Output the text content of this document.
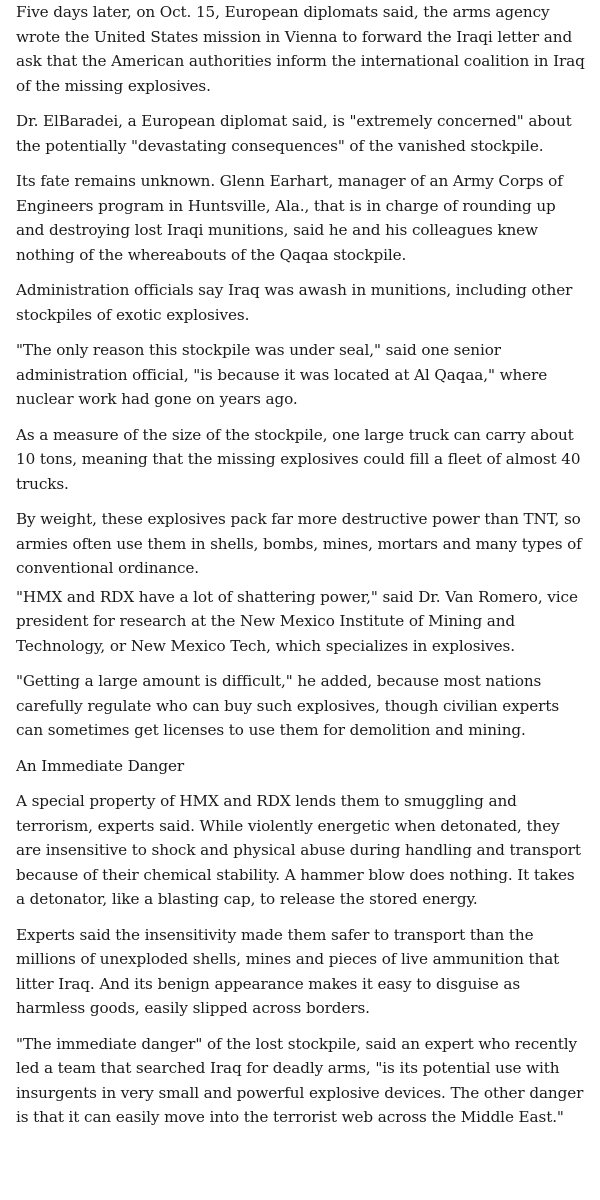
Five days later, on Oct. 15, European diplomats said, the arms agency wrote the United States mission in Vienna to forward the Iraqi letter and ask that the American authorities inform the international coalition in Iraq of the missing explosives.

Dr. ElBaradei, a European diplomat said, is "extremely concerned" about the potentially "devastating consequences" of the vanished stockpile.

Its fate remains unknown. Glenn Earhart, manager of an Army Corps of Engineers program in Huntsville, Ala., that is in charge of rounding up and destroying lost Iraqi munitions, said he and his colleagues knew nothing of the whereabouts of the Qaqaa stockpile.

Administration officials say Iraq was awash in munitions, including other stockpiles of exotic explosives.

"The only reason this stockpile was under seal," said one senior administration official, "is because it was located at Al Qaqaa," where nuclear work had gone on years ago.

As a measure of the size of the stockpile, one large truck can carry about 10 tons, meaning that the missing explosives could fill a fleet of almost 40 trucks.

By weight, these explosives pack far more destructive power than TNT, so armies often use them in shells, bombs, mines, mortars and many types of conventional ordinance.

"HMX and RDX have a lot of shattering power," said Dr. Van Romero, vice president for research at the New Mexico Institute of Mining and Technology, or New Mexico Tech, which specializes in explosives.

"Getting a large amount is difficult," he added, because most nations carefully regulate who can buy such explosives, though civilian experts can sometimes get licenses to use them for demolition and mining.

An Immediate Danger

A special property of HMX and RDX lends them to smuggling and terrorism, experts said. While violently energetic when detonated, they are insensitive to shock and physical abuse during handling and transport because of their chemical stability. A hammer blow does nothing. It takes a detonator, like a blasting cap, to release the stored energy.

Experts said the insensitivity made them safer to transport than the millions of unexploded shells, mines and pieces of live ammunition that litter Iraq. And its benign appearance makes it easy to disguise as harmless goods, easily slipped across borders.

"The immediate danger" of the lost stockpile, said an expert who recently led a team that searched Iraq for deadly arms, "is its potential use with insurgents in very small and powerful explosive devices. The other danger is that it can easily move into the terrorist web across the Middle East."
